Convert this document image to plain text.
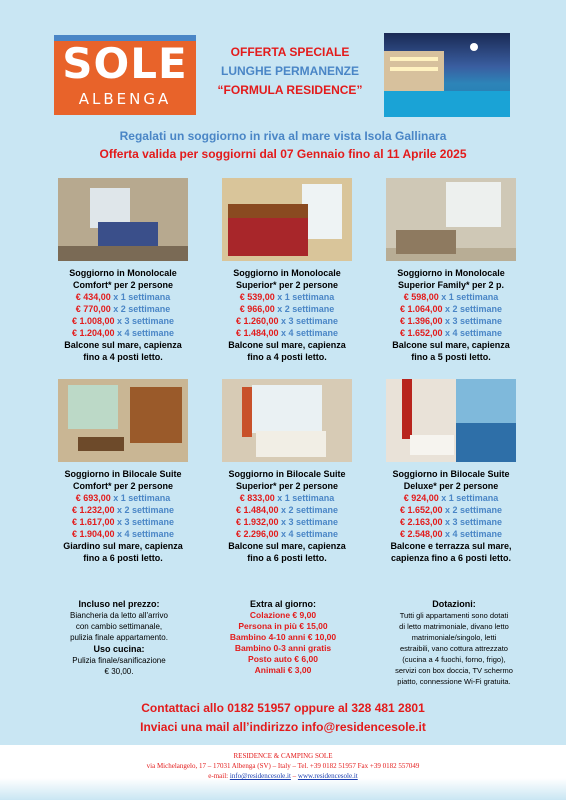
SOLE
ALBENGA
OFFERTA SPECIALE
LUNGHE PERMANENZE
“FORMULA RESIDENCE”
Regalati un soggiorno in riva al mare vista Isola Gallinara
Offerta valida per soggiorni dal 07 Gennaio fino al 11 Aprile 2025
Soggiorno in Monolocale
Comfort* per 2 persone
€ 434,00 x 1 settimana
€ 770,00 x 2 settimane
€ 1.008,00 x 3 settimane
€ 1.204,00 x 4 settimane
Balcone sul mare, capienza
fino a 4 posti letto.
Soggiorno in Monolocale
Superior* per 2 persone
€ 539,00 x 1 settimana
€ 966,00 x 2 settimane
€ 1.260,00 x 3 settimane
€ 1.484,00 x 4 settimane
Balcone sul mare, capienza
fino a 4 posti letto.
Soggiorno in Monolocale
Superior Family* per 2 p.
€ 598,00 x 1 settimana
€ 1.064,00 x 2 settimane
€ 1.396,00 x 3 settimane
€ 1.652,00 x 4 settimane
Balcone sul mare, capienza
fino a 5 posti letto.
Soggiorno in Bilocale Suite
Comfort* per 2 persone
€ 693,00 x 1 settimana
€ 1.232,00 x 2 settimane
€ 1.617,00 x 3 settimane
€ 1.904,00 x 4 settimane
Giardino sul mare, capienza
fino a 6 posti letto.
Soggiorno in Bilocale Suite
Superior* per 2 persone
€ 833,00 x 1 settimana
€ 1.484,00 x 2 settimane
€ 1.932,00 x 3 settimane
€ 2.296,00 x 4 settimane
Balcone sul mare, capienza
fino a 6 posti letto.
Soggiorno in Bilocale Suite
Deluxe* per 2 persone
€ 924,00 x 1 settimana
€ 1.652,00 x 2 settimane
€ 2.163,00 x 3 settimane
€ 2.548,00 x 4 settimane
Balcone e terrazza sul mare,
capienza fino a 6 posti letto.
Incluso nel prezzo:
Biancheria da letto all'arrivo
con cambio settimanale,
pulizia finale appartamento.
Uso cucina:
Pulizia finale/sanificazione
€ 30,00.
Extra al giorno:
Colazione € 9,00
Persona in più € 15,00
Bambino 4-10 anni € 10,00
Bambino 0-3 anni gratis
Posto auto € 6,00
Animali € 3,00
Dotazioni:
Tutti gli appartamenti sono dotati
di letto matrimoniale, divano letto
matrimoniale/singolo, letti
estraibili, vano cottura attrezzato
(cucina a 4 fuochi, forno, frigo),
servizi con box doccia, TV schermo
piatto, connessione Wi-Fi gratuita.
Contattaci allo 0182 51957 oppure al 328 481 2801
Inviaci una mail all’indirizzo info@residencesole.it
RESIDENCE & CAMPING SOLE
via Michelangelo, 17 – 17031 Albenga (SV) – Italy – Tel. +39 0182 51957 Fax +39 0182 557049
e-mail: info@residencesole.it – www.residencesole.it
